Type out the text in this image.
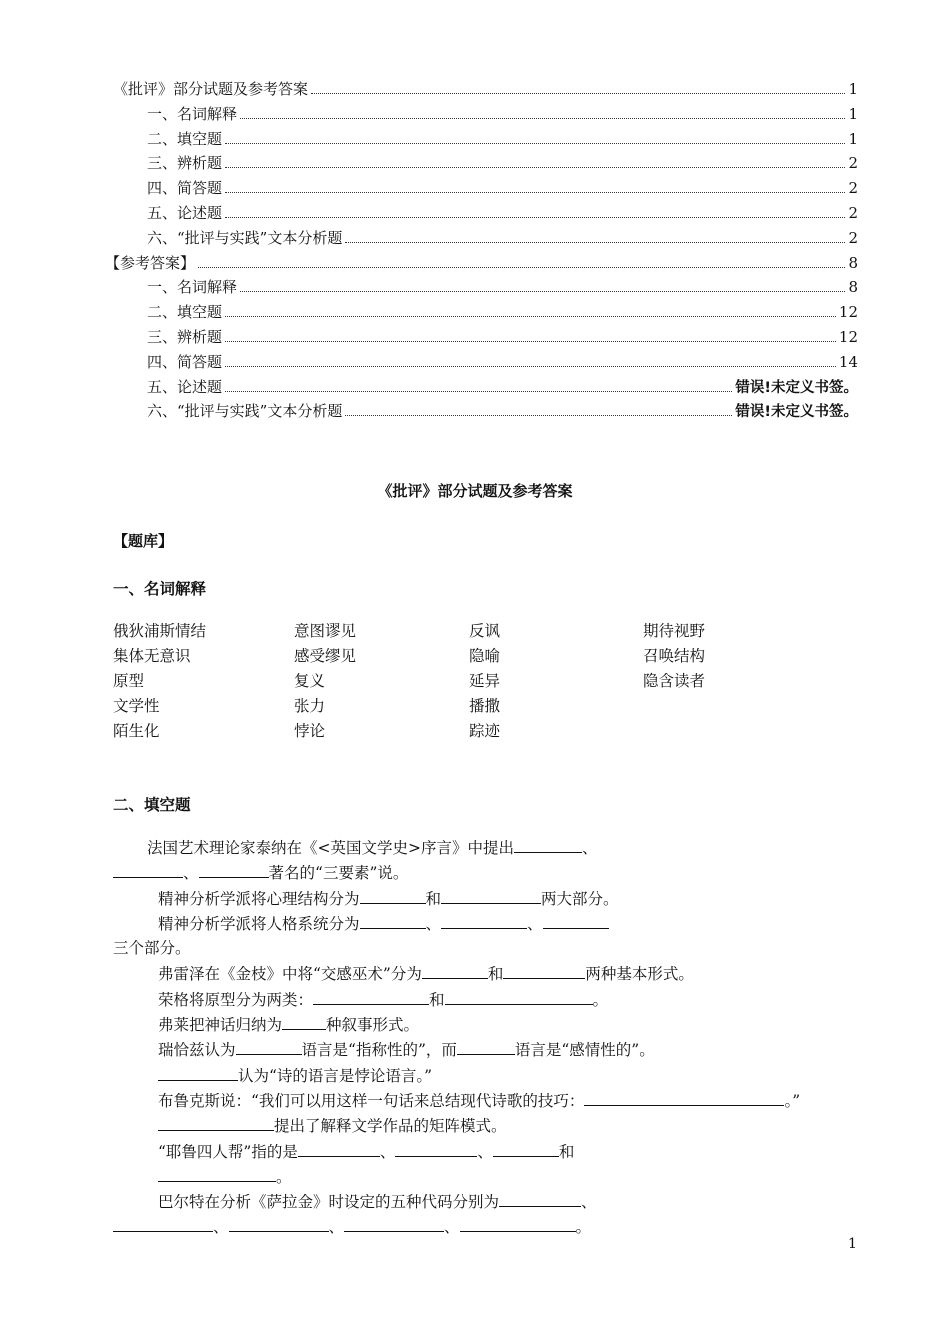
《批评》部分试题及参考答案	1
一、名词解释	1
二、填空题	1
三、辨析题	2
四、简答题	2
五、论述题	2
六、“批评与实践”文本分析题	2
【参考答案】	8
一、名词解释	8
二、填空题	12
三、辨析题	12
四、简答题	14
五、论述题	错误!未定义书签。
六、“批评与实践”文本分析题	错误!未定义书签。
《批评》部分试题及参考答案
【题库】
一、名词解释
俄狄浦斯情结	意图谬见	反讽	期待视野
集体无意识	感受缪见	隐喻	召唤结构
原型	复义	延异	隐含读者
文学性	张力	播撒
陌生化	悖论	踪迹
二、填空题
法国艺术理论家泰纳在《<英国文学史>序言》中提出	、
、	著名的“三要素”说。
精神分析学派将心理结构分为	和	两大部分。
精神分析学派将人格系统分为	、	、
三个部分。
弗雷泽在《金枝》中将“交感巫术”分为	和	两种基本形式。
荣格将原型分为两类：	和	。
弗莱把神话归纳为	种叙事形式。
瑞恰兹认为	语言是“指称性的”，而	语言是“感情性的”。
认为“诗的语言是悖论语言。”
布鲁克斯说：“我们可以用这样一句话来总结现代诗歌的技巧：	。”
提出了解释文学作品的矩阵模式。
“耶鲁四人帮”指的是	、	、	和
。
巴尔特在分析《萨拉金》时设定的五种代码分别为	、
、	、	、	。
1
